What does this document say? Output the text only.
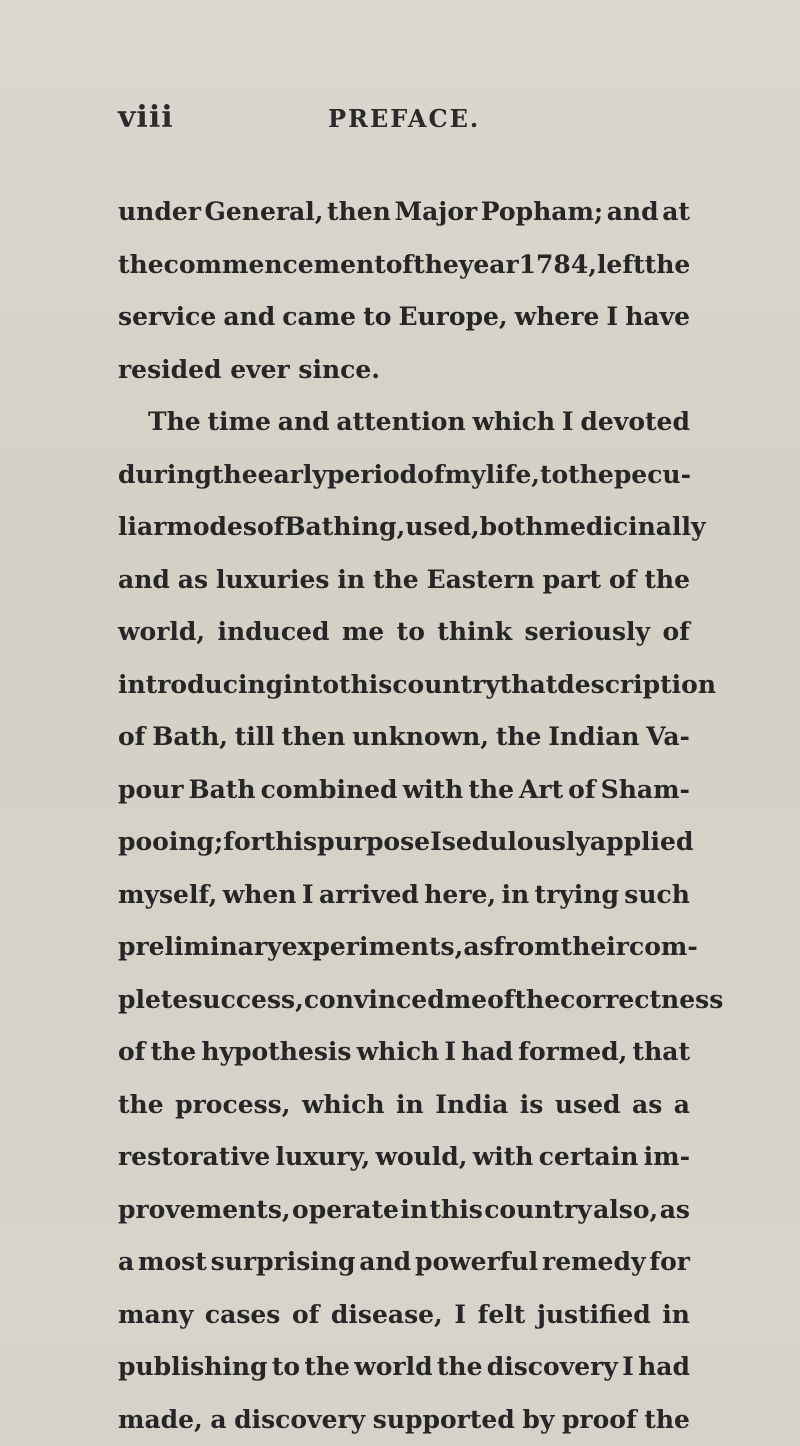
viii	PREFACE.
under General, then Major Popham; and at
the commencement of the year 1784, left the
service and came to Europe, where I have
resided ever since.
The time and attention which I devoted
during the early period of my life, to the pecu-
liar modes of Bathing, used, both medicinally
and as luxuries in the Eastern part of the
world, induced me to think seriously of
introducing into this country that description
of Bath, till then unknown, the Indian Va-
pour Bath combined with the Art of Sham-
pooing ; for this purpose I sedulously applied
myself, when I arrived here, in trying such
preliminary experiments, as from their com-
plete success, convinced me of the correctness
of the hypothesis which I had formed, that
the process, which in India is used as a
restorative luxury, would, with certain im-
provements, operate in this country also, as
a most surprising and powerful remedy for
many cases of disease, I felt justified in
publishing to the world the discovery I had
made, a discovery supported by proof the
